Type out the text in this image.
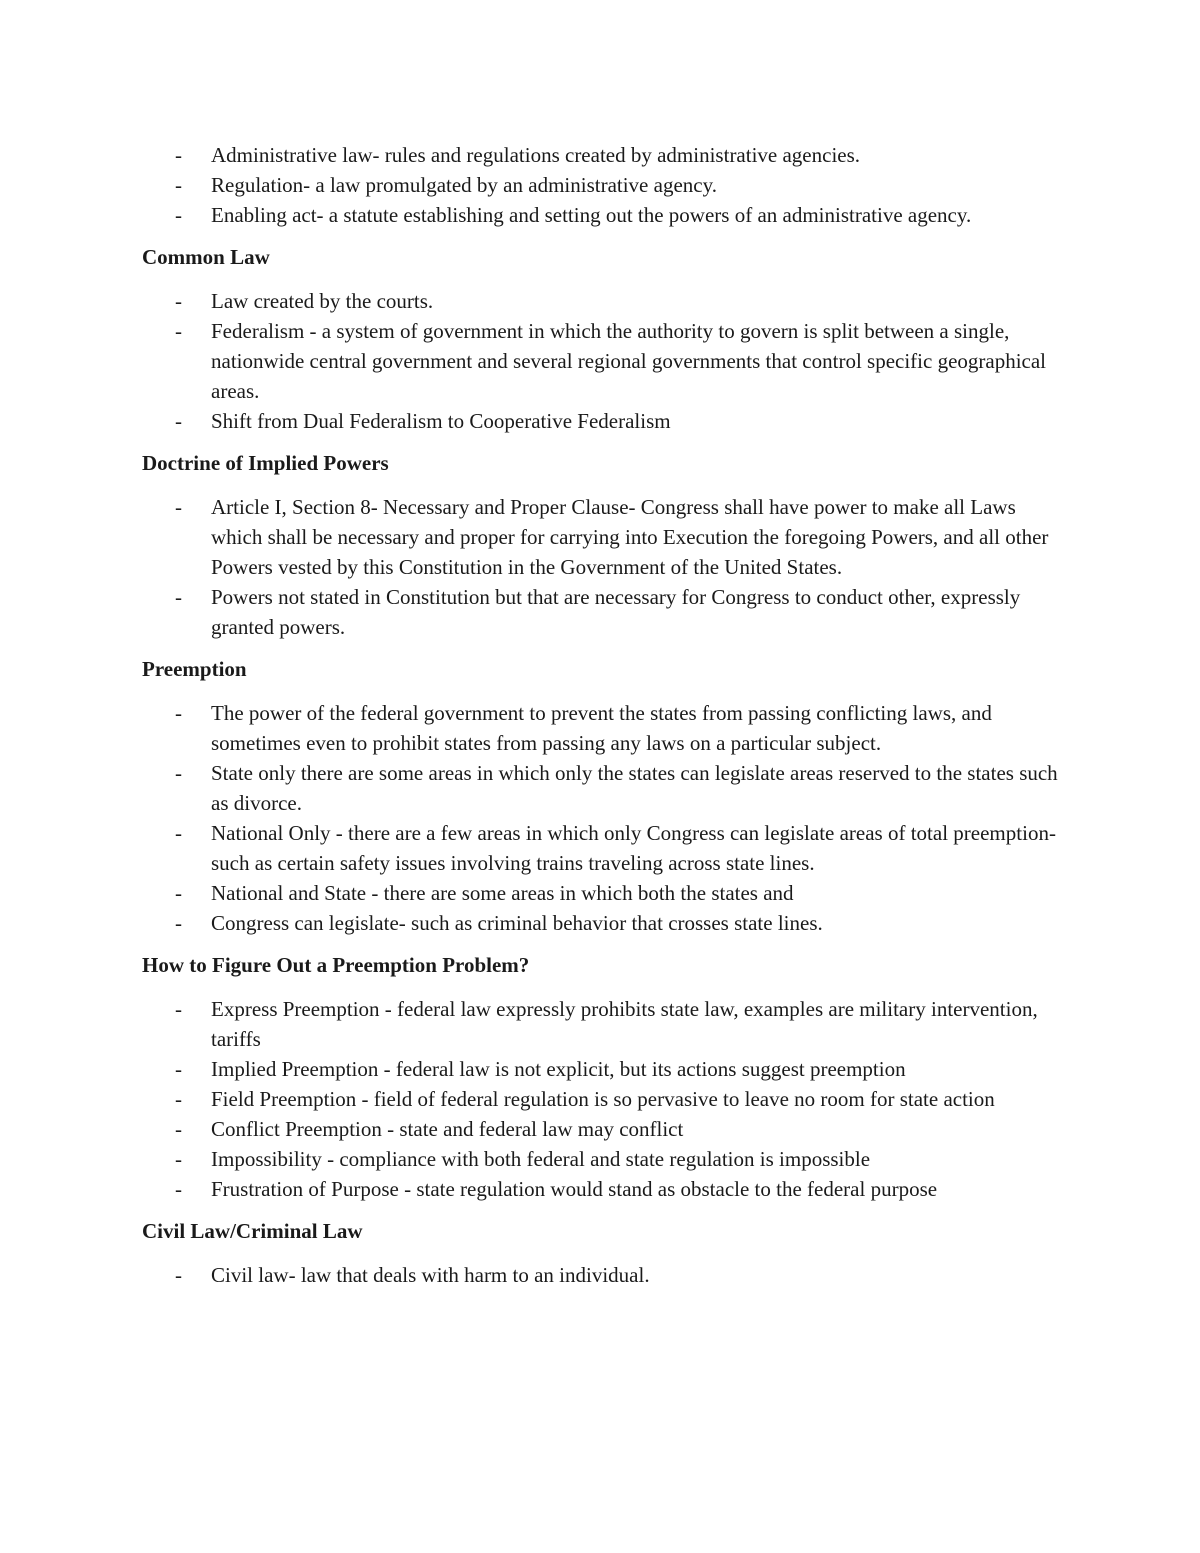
- Administrative law- rules and regulations created by administrative agencies.
- Regulation- a law promulgated by an administrative agency.
- Enabling act- a statute establishing and setting out the powers of an administrative agency.

Common Law

- Law created by the courts.
- Federalism - a system of government in which the authority to govern is split between a single, nationwide central government and several regional governments that control specific geographical areas.
- Shift from Dual Federalism to Cooperative Federalism

Doctrine of Implied Powers

- Article I, Section 8- Necessary and Proper Clause- Congress shall have power to make all Laws which shall be necessary and proper for carrying into Execution the foregoing Powers, and all other Powers vested by this Constitution in the Government of the United States.
- Powers not stated in Constitution but that are necessary for Congress to conduct other, expressly granted powers.

Preemption

- The power of the federal government to prevent the states from passing conflicting laws, and sometimes even to prohibit states from passing any laws on a particular subject.
- State only there are some areas in which only the states can legislate areas reserved to the states such as divorce.
- National Only - there are a few areas in which only Congress can legislate areas of total preemption- such as certain safety issues involving trains traveling across state lines.
- National and State - there are some areas in which both the states and
- Congress can legislate- such as criminal behavior that crosses state lines.

How to Figure Out a Preemption Problem?

- Express Preemption - federal law expressly prohibits state law, examples are military intervention, tariffs
- Implied Preemption - federal law is not explicit, but its actions suggest preemption
- Field Preemption - field of federal regulation is so pervasive to leave no room for state action
- Conflict Preemption - state and federal law may conflict
- Impossibility - compliance with both federal and state regulation is impossible
- Frustration of Purpose - state regulation would stand as obstacle to the federal purpose

Civil Law/Criminal Law

- Civil law- law that deals with harm to an individual.
